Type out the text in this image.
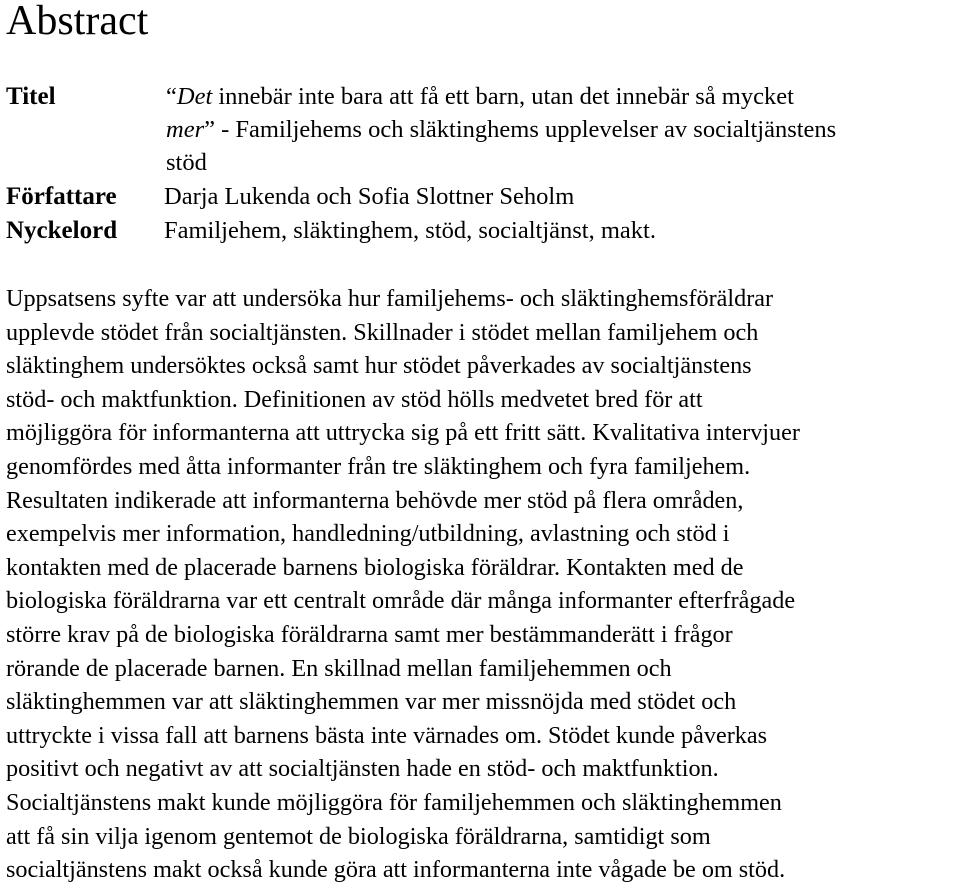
Abstract
Titel	“Det innebär inte bara att få ett barn, utan det innebär så mycket
mer” - Familjehems och släktinghems upplevelser av socialtjänstens
stöd
Författare Darja Lukenda och Sofia Slottner Seholm
Nyckelord Familjehem, släktinghem, stöd, socialtjänst, makt.
Uppsatsens syfte var att undersöka hur familjehems- och släktinghemsföräldrar
upplevde stödet från socialtjänsten. Skillnader i stödet mellan familjehem och
släktinghem undersöktes också samt hur stödet påverkades av socialtjänstens
stöd- och maktfunktion. Definitionen av stöd hölls medvetet bred för att
möjliggöra för informanterna att uttrycka sig på ett fritt sätt. Kvalitativa intervjuer
genomfördes med åtta informanter från tre släktinghem och fyra familjehem.
Resultaten indikerade att informanterna behövde mer stöd på flera områden,
exempelvis mer information, handledning/utbildning, avlastning och stöd i
kontakten med de placerade barnens biologiska föräldrar. Kontakten med de
biologiska föräldrarna var ett centralt område där många informanter efterfrågade
större krav på de biologiska föräldrarna samt mer bestämmanderätt i frågor
rörande de placerade barnen. En skillnad mellan familjehemmen och
släktinghemmen var att släktinghemmen var mer missnöjda med stödet och
uttryckte i vissa fall att barnens bästa inte värnades om. Stödet kunde påverkas
positivt och negativt av att socialtjänsten hade en stöd- och maktfunktion.
Socialtjänstens makt kunde möjliggöra för familjehemmen och släktinghemmen
att få sin vilja igenom gentemot de biologiska föräldrarna, samtidigt som
socialtjänstens makt också kunde göra att informanterna inte vågade be om stöd.
